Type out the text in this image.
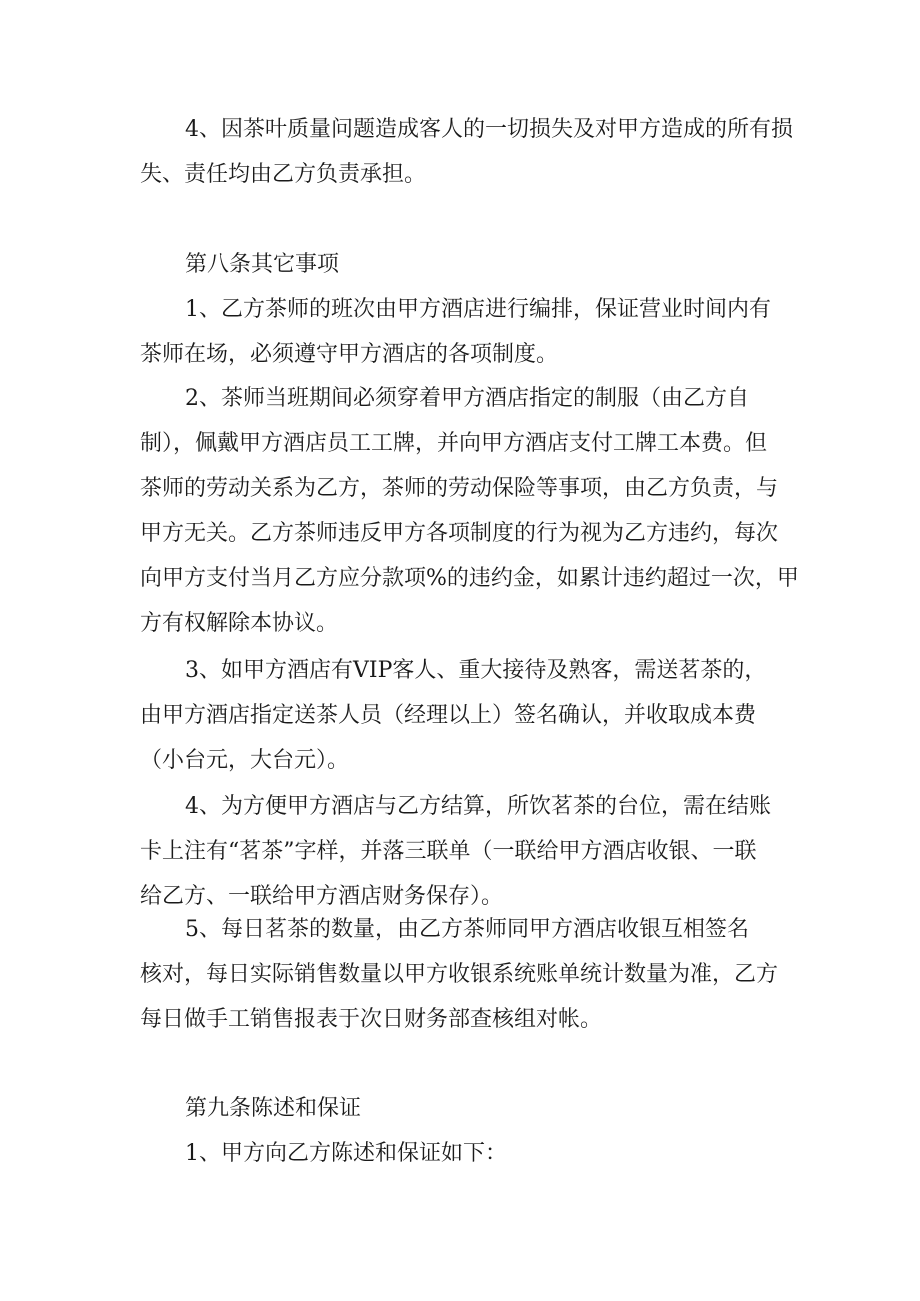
4、因茶叶质量问题造成客人的一切损失及对甲方造成的所有损
失、责任均由乙方负责承担。
第八条其它事项
1、乙方茶师的班次由甲方酒店进行编排，保证营业时间内有
茶师在场，必须遵守甲方酒店的各项制度。
2、茶师当班期间必须穿着甲方酒店指定的制服（由乙方自
制），佩戴甲方酒店员工工牌，并向甲方酒店支付工牌工本费。但
茶师的劳动关系为乙方，茶师的劳动保险等事项，由乙方负责，与
甲方无关。乙方茶师违反甲方各项制度的行为视为乙方违约，每次
向甲方支付当月乙方应分款项%的违约金，如累计违约超过一次，甲
方有权解除本协议。
3、如甲方酒店有VIP客人、重大接待及熟客，需送茗茶的，
由甲方酒店指定送茶人员（经理以上）签名确认，并收取成本费
（小台元，大台元）。
4、为方便甲方酒店与乙方结算，所饮茗茶的台位，需在结账
卡上注有“茗茶”字样，并落三联单（一联给甲方酒店收银、一联
给乙方、一联给甲方酒店财务保存）。
5、每日茗茶的数量，由乙方茶师同甲方酒店收银互相签名
核对，每日实际销售数量以甲方收银系统账单统计数量为准，乙方
每日做手工销售报表于次日财务部查核组对帐。
第九条陈述和保证
1、甲方向乙方陈述和保证如下：
